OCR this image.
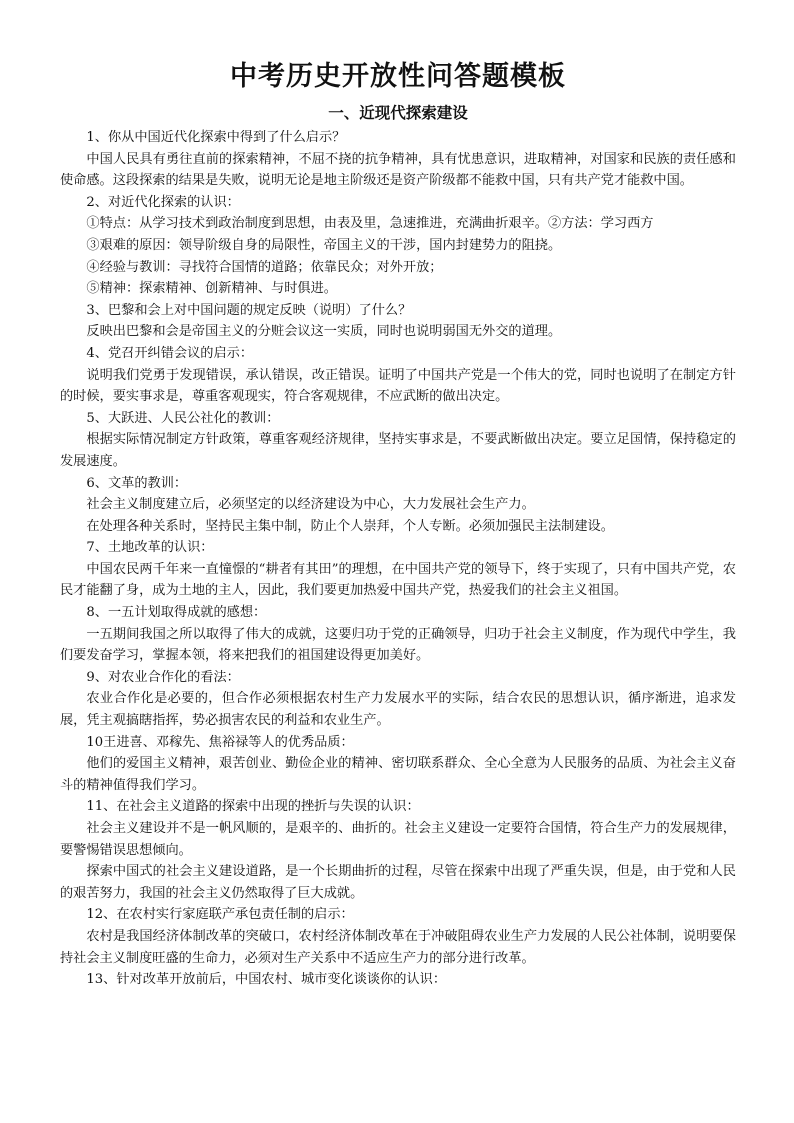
中考历史开放性问答题模板
一、近现代探索建设

1、你从中国近代化探索中得到了什么启示？

中国人民具有勇往直前的探索精神，不屈不挠的抗争精神，具有忧患意识，进取精神，对国家和民族的责任感和使命感。这段探索的结果是失败，说明无论是地主阶级还是资产阶级都不能救中国，只有共产党才能救中国。

2、对近代化探索的认识：

①特点：从学习技术到政治制度到思想，由表及里，急速推进，充满曲折艰辛。②方法：学习西方

③艰难的原因：领导阶级自身的局限性，帝国主义的干涉，国内封建势力的阻挠。

④经验与教训：寻找符合国情的道路；依靠民众；对外开放；

⑤精神：探索精神、创新精神、与时俱进。

3、巴黎和会上对中国问题的规定反映（说明）了什么？

反映出巴黎和会是帝国主义的分赃会议这一实质，同时也说明弱国无外交的道理。

4、党召开纠错会议的启示：

说明我们党勇于发现错误，承认错误，改正错误。证明了中国共产党是一个伟大的党，同时也说明了在制定方针的时候，要实事求是，尊重客观现实，符合客观规律，不应武断的做出决定。

5、大跃进、人民公社化的教训：

根据实际情况制定方针政策，尊重客观经济规律，坚持实事求是，不要武断做出决定。要立足国情，保持稳定的发展速度。

6、文革的教训：

社会主义制度建立后，必须坚定的以经济建设为中心，大力发展社会生产力。

在处理各种关系时，坚持民主集中制，防止个人崇拜，个人专断。必须加强民主法制建设。

7、土地改革的认识：

中国农民两千年来一直憧憬的“耕者有其田”的理想，在中国共产党的领导下，终于实现了，只有中国共产党，农民才能翻了身，成为土地的主人，因此，我们要更加热爱中国共产党，热爱我们的社会主义祖国。

8、一五计划取得成就的感想：

一五期间我国之所以取得了伟大的成就，这要归功于党的正确领导，归功于社会主义制度，作为现代中学生，我们要发奋学习，掌握本领，将来把我们的祖国建设得更加美好。

9、对农业合作化的看法：

农业合作化是必要的，但合作必须根据农村生产力发展水平的实际，结合农民的思想认识，循序渐进，追求发展，凭主观搞瞎指挥，势必损害农民的利益和农业生产。

10王进喜、邓稼先、焦裕禄等人的优秀品质：

他们的爱国主义精神，艰苦创业、勤俭企业的精神、密切联系群众、全心全意为人民服务的品质、为社会主义奋斗的精神值得我们学习。

11、在社会主义道路的探索中出现的挫折与失误的认识：

社会主义建设并不是一帆风顺的，是艰辛的、曲折的。社会主义建设一定要符合国情，符合生产力的发展规律，要警惕错误思想倾向。

探索中国式的社会主义建设道路，是一个长期曲折的过程，尽管在探索中出现了严重失误，但是，由于党和人民的艰苦努力，我国的社会主义仍然取得了巨大成就。

12、在农村实行家庭联产承包责任制的启示：

农村是我国经济体制改革的突破口，农村经济体制改革在于冲破阻碍农业生产力发展的人民公社体制，说明要保持社会主义制度旺盛的生命力，必须对生产关系中不适应生产力的部分进行改革。

13、针对改革开放前后，中国农村、城市变化谈谈你的认识：
